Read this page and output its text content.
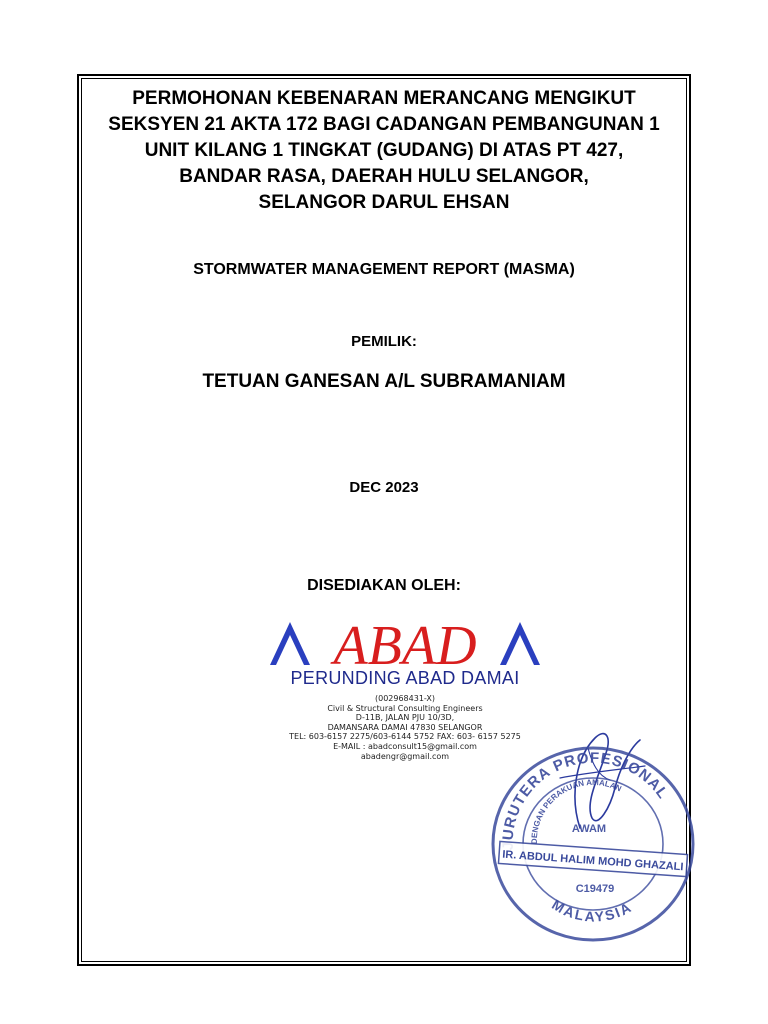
PERMOHONAN KEBENARAN MERANCANG MENGIKUT
SEKSYEN 21 AKTA 172 BAGI CADANGAN PEMBANGUNAN 1
UNIT KILANG 1 TINGKAT (GUDANG) DI ATAS PT 427,
BANDAR RASA, DAERAH HULU SELANGOR,
SELANGOR DARUL EHSAN
STORMWATER MANAGEMENT REPORT (MASMA)
PEMILIK:
TETUAN GANESAN A/L SUBRAMANIAM
DEC 2023
DISEDIAKAN OLEH:
ABAD
PERUNDING ABAD DAMAI
(002968431-X)
Civil & Structural Consulting Engineers
D-11B, JALAN PJU 10/3D,
DAMANSARA DAMAI 47830 SELANGOR
TEL: 603-6157 2275/603-6144 5752 FAX: 603- 6157 5275
E-MAIL : abadconsult15@gmail.com
abadengr@gmail.com
URUTERA PROFESIONAL
DENGAN PERAKUAN AMALAN
AWAM
IR. ABDUL HALIM MOHD GHAZALI
C19479
MALAYSIA
